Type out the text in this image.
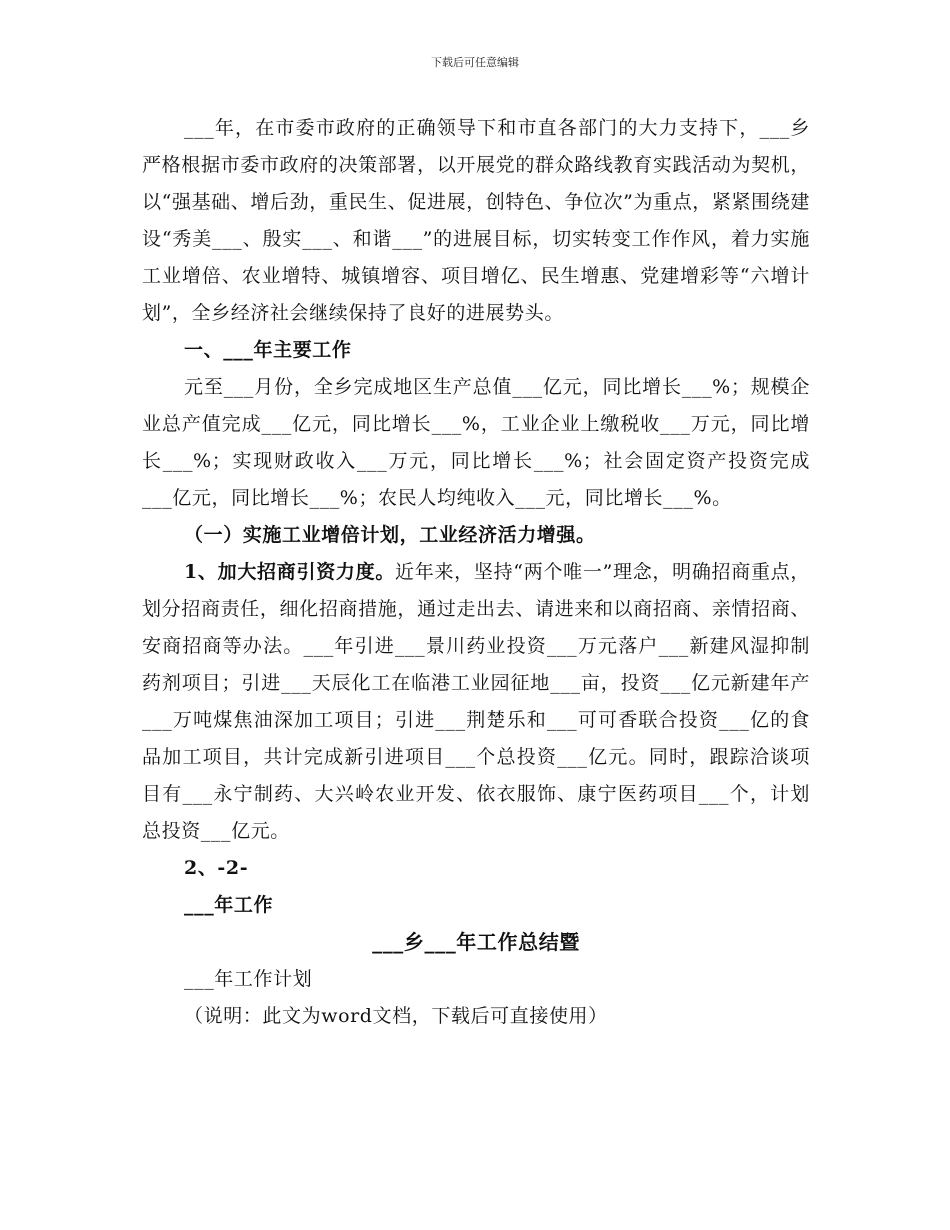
下载后可任意编辑

___年，在市委市政府的正确领导下和市直各部门的大力支持下，___乡严格根据市委市政府的决策部署，以开展党的群众路线教育实践活动为契机，以“强基础、增后劲，重民生、促进展，创特色、争位次”为重点，紧紧围绕建设“秀美___、殷实___、和谐___”的进展目标，切实转变工作作风，着力实施工业增倍、农业增特、城镇增容、项目增亿、民生增惠、党建增彩等“六增计划”，全乡经济社会继续保持了良好的进展势头。

一、___年主要工作

元至___月份，全乡完成地区生产总值___亿元，同比增长___%；规模企业总产值完成___亿元，同比增长___%，工业企业上缴税收___万元，同比增长___%；实现财政收入___万元，同比增长___%；社会固定资产投资完成___亿元，同比增长___%；农民人均纯收入___元，同比增长___%。

（一）实施工业增倍计划，工业经济活力增强。

1、加大招商引资力度。近年来，坚持“两个唯一”理念，明确招商重点，划分招商责任，细化招商措施，通过走出去、请进来和以商招商、亲情招商、安商招商等办法。___年引进___景川药业投资___万元落户___新建风湿抑制药剂项目；引进___天辰化工在临港工业园征地___亩，投资___亿元新建年产___万吨煤焦油深加工项目；引进___荆楚乐和___可可香联合投资___亿的食品加工项目，共计完成新引进项目___个总投资___亿元。同时，跟踪洽谈项目有___永宁制药、大兴岭农业开发、依衣服饰、康宁医药项目___个，计划总投资___亿元。

2、-2-

___年工作

___乡___年工作总结暨

___年工作计划

（说明：此文为word文档，下载后可直接使用）
